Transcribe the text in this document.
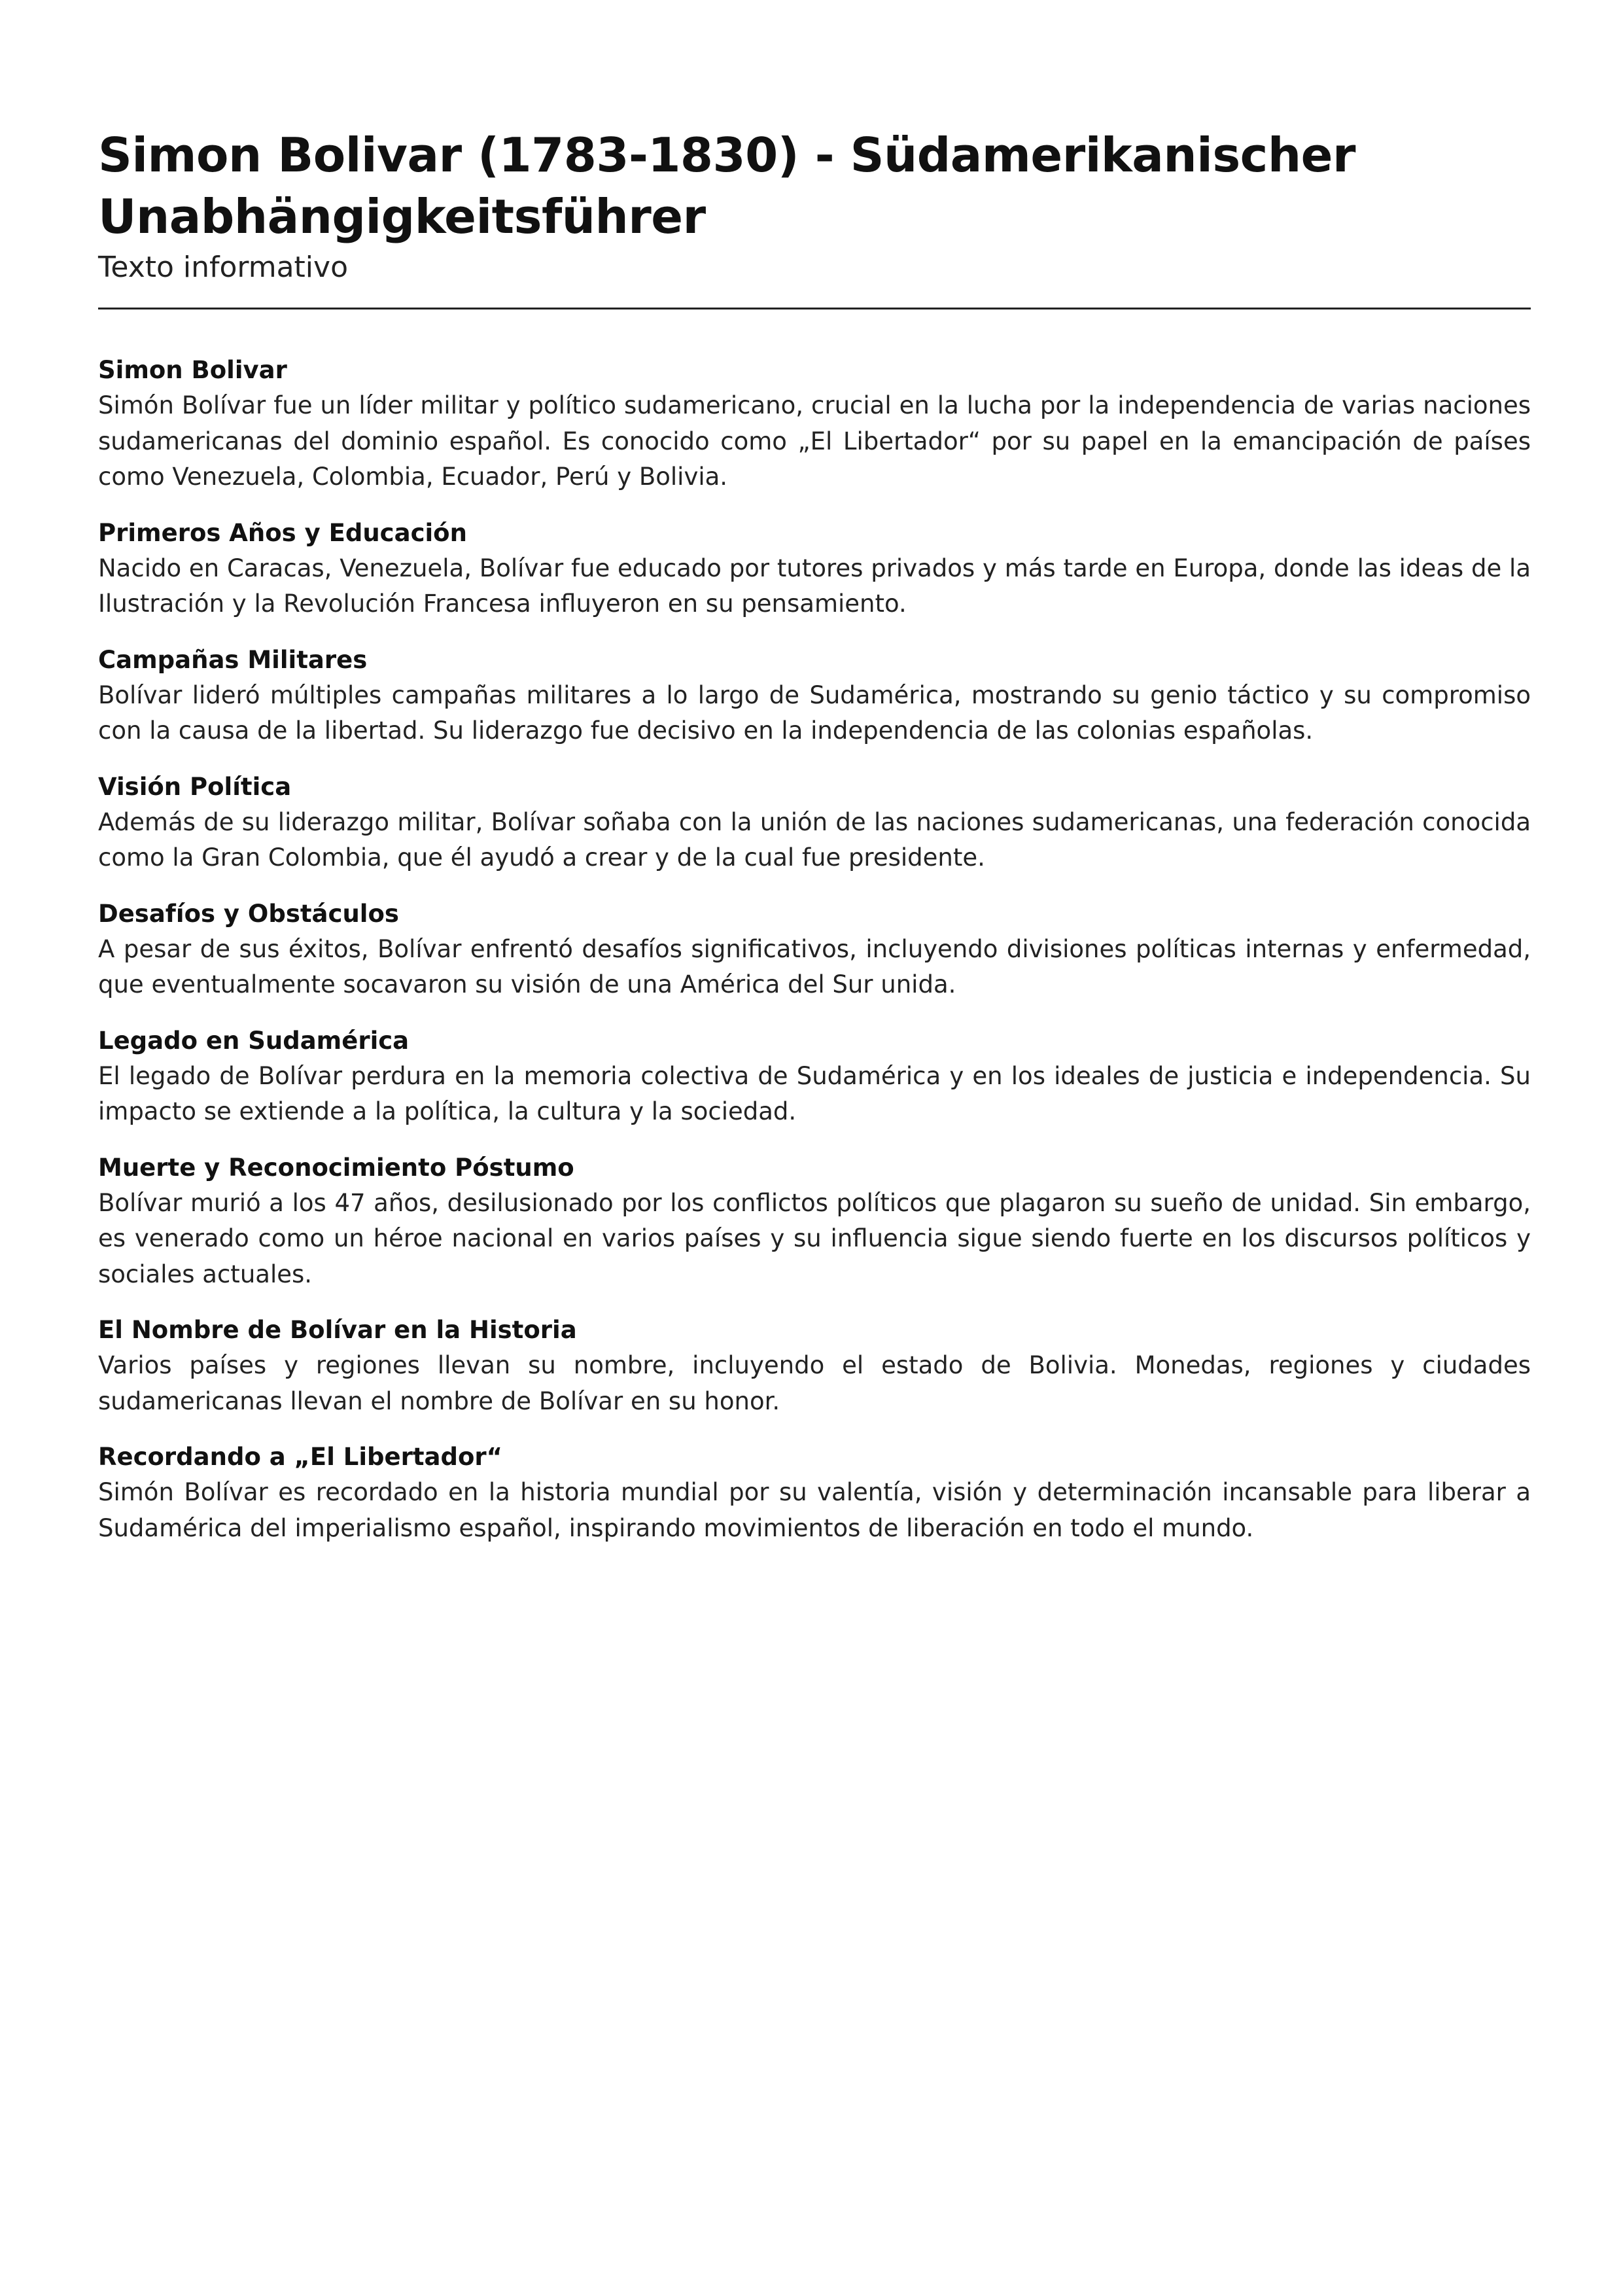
Simon Bolivar (1783-1830) - Südamerikanischer Unabhängigkeitsführer
Texto informativo
Simon Bolivar

Simón Bolívar fue un líder militar y político sudamericano, crucial en la lucha por la independencia de varias naciones sudamericanas del dominio español. Es conocido como „El Libertador“ por su papel en la emancipación de países como Venezuela, Colombia, Ecuador, Perú y Bolivia.

Primeros Años y Educación

Nacido en Caracas, Venezuela, Bolívar fue educado por tutores privados y más tarde en Europa, donde las ideas de la Ilustración y la Revolución Francesa influyeron en su pensamiento.

Campañas Militares

Bolívar lideró múltiples campañas militares a lo largo de Sudamérica, mostrando su genio táctico y su compromiso con la causa de la libertad. Su liderazgo fue decisivo en la independencia de las colonias españolas.

Visión Política

Además de su liderazgo militar, Bolívar soñaba con la unión de las naciones sudamericanas, una federación conocida como la Gran Colombia, que él ayudó a crear y de la cual fue presidente.

Desafíos y Obstáculos

A pesar de sus éxitos, Bolívar enfrentó desafíos significativos, incluyendo divisiones políticas internas y enfermedad, que eventualmente socavaron su visión de una América del Sur unida.

Legado en Sudamérica

El legado de Bolívar perdura en la memoria colectiva de Sudamérica y en los ideales de justicia e independencia. Su impacto se extiende a la política, la cultura y la sociedad.

Muerte y Reconocimiento Póstumo

Bolívar murió a los 47 años, desilusionado por los conflictos políticos que plagaron su sueño de unidad. Sin embargo, es venerado como un héroe nacional en varios países y su influencia sigue siendo fuerte en los discursos políticos y sociales actuales.

El Nombre de Bolívar en la Historia

Varios países y regiones llevan su nombre, incluyendo el estado de Bolivia. Monedas, regiones y ciudades sudamericanas llevan el nombre de Bolívar en su honor.

Recordando a „El Libertador“

Simón Bolívar es recordado en la historia mundial por su valentía, visión y determinación incansable para liberar a Sudamérica del imperialismo español, inspirando movimientos de liberación en todo el mundo.
